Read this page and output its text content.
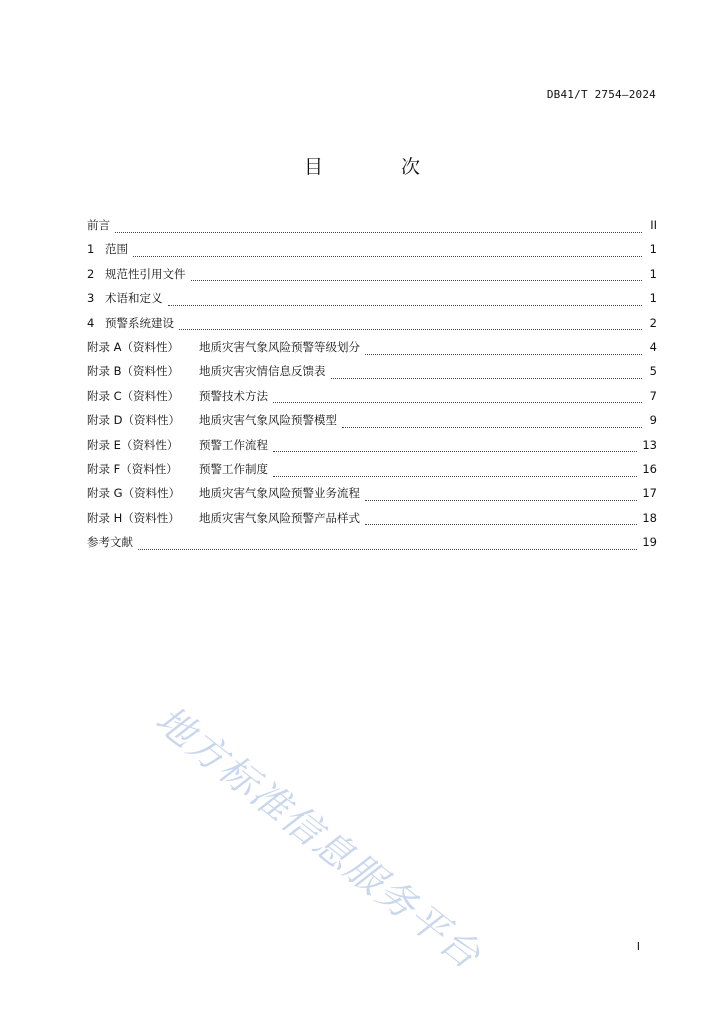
DB41/T 2754—2024
目 次
前言	II
1 范围	1
2 规范性引用文件	1
3 术语和定义	1
4 预警系统建设	2
附录 A（资料性） 地质灾害气象风险预警等级划分	4
附录 B（资料性） 地质灾害灾情信息反馈表	5
附录 C（资料性） 预警技术方法	7
附录 D（资料性） 地质灾害气象风险预警模型	9
附录 E（资料性） 预警工作流程	13
附录 F（资料性） 预警工作制度	16
附录 G（资料性） 地质灾害气象风险预警业务流程	17
附录 H（资料性） 地质灾害气象风险预警产品样式	18
参考文献	19
地方标准信息服务平台	I
